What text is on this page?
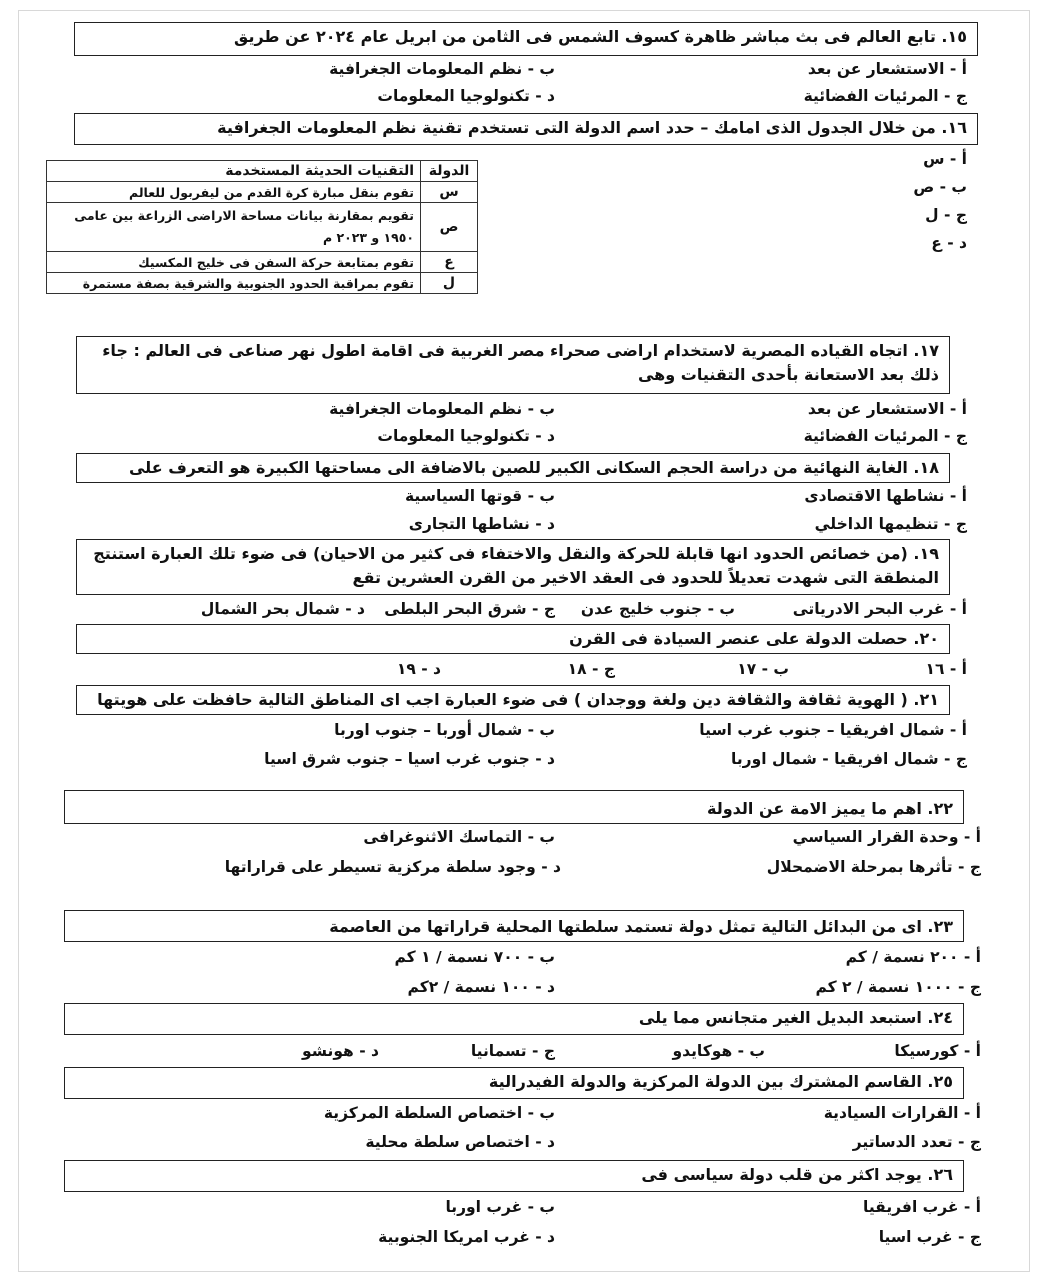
١٥. تابع العالم فى بث مباشر ظاهرة كسوف الشمس فى الثامن من ابريل عام ٢٠٢٤ عن طريق
أ - الاستشعار عن بعد
ب - نظم المعلومات الجغرافية
ج - المرئيات الفضائية
د - تكنولوجيا المعلومات
١٦. من خلال الجدول الذى امامك – حدد اسم الدولة التى تستخدم تقنية نظم المعلومات الجغرافية
أ - س
ب - ص
ج - ل
د - ع
الدولة	التقنيات الحديثة المستخدمة
س	تقوم بنقل مبارة كرة القدم من ليفربول للعالم
ص	تقويم بمقارنة بيانات مساحة الاراضى الزراعة بين عامى ١٩٥٠ و ٢٠٢٣ م
ع	تقوم بمتابعة حركة السفن فى خليج المكسيك
ل	تقوم بمراقبة الحدود الجنوبية والشرقية بصفة مستمرة
١٧. اتجاه القياده المصرية لاستخدام اراضى صحراء مصر الغربية فى اقامة اطول نهر صناعى فى العالم : جاء ذلك بعد الاستعانة بأحدى التقنيات وهى
أ - الاستشعار عن بعد
ب - نظم المعلومات الجغرافية
ج - المرئيات الفضائية
د - تكنولوجيا المعلومات
١٨. الغاية النهائية من دراسة الحجم السكانى الكبير للصين بالاضافة الى مساحتها الكبيرة هو التعرف على
أ - نشاطها الاقتصادى
ب - قوتها السياسية
ج - تنظيمها الداخلي
د - نشاطها التجارى
١٩. (من خصائص الحدود انها قابلة للحركة والنقل والاختفاء فى كثير من الاحيان) فى ضوء تلك العبارة استنتج المنطقة التى شهدت تعديلاً للحدود فى العقد الاخير من القرن العشرين تقع
أ - غرب البحر الادرياتى
ب - جنوب خليج عدن
ج - شرق البحر البلطى
د - شمال بحر الشمال
٢٠. حصلت الدولة على عنصر السيادة فى القرن
أ - ١٦
ب - ١٧
ج - ١٨
د - ١٩
٢١. ( الهوية ثقافة والثقافة دين ولغة ووجدان ) فى ضوء العبارة اجب اى المناطق التالية حافظت على هويتها
أ - شمال افريقيا – جنوب غرب اسيا
ب - شمال أوربا – جنوب اوربا
ج - شمال افريقيا - شمال اوربا
د - جنوب غرب اسيا – جنوب شرق اسيا
٢٢. اهم ما يميز الامة عن الدولة
أ - وحدة القرار السياسي
ب - التماسك الاثنوغرافى
ج - تأثرها بمرحلة الاضمحلال
د - وجود سلطة مركزية تسيطر على قراراتها
٢٣. اى من البدائل التالية تمثل دولة تستمد سلطتها المحلية قراراتها من العاصمة
أ - ٢٠٠ نسمة / كم
ب - ٧٠٠ نسمة / ١ كم
ج - ١٠٠٠ نسمة / ٢ كم
د - ١٠٠ نسمة / ٢كم
٢٤. استبعد البديل الغير متجانس مما يلى
أ - كورسيكا
ب - هوكايدو
ج - تسمانيا
د - هونشو
٢٥. القاسم المشترك بين الدولة المركزية والدولة الفيدرالية
أ - القرارات السيادية
ب - اختصاص السلطة المركزية
ج - تعدد الدساتير
د - اختصاص سلطة محلية
٢٦. يوجد اكثر من قلب دولة سياسى فى
أ - غرب افريقيا
ب - غرب اوربا
ج - غرب اسيا
د - غرب امريكا الجنوبية
